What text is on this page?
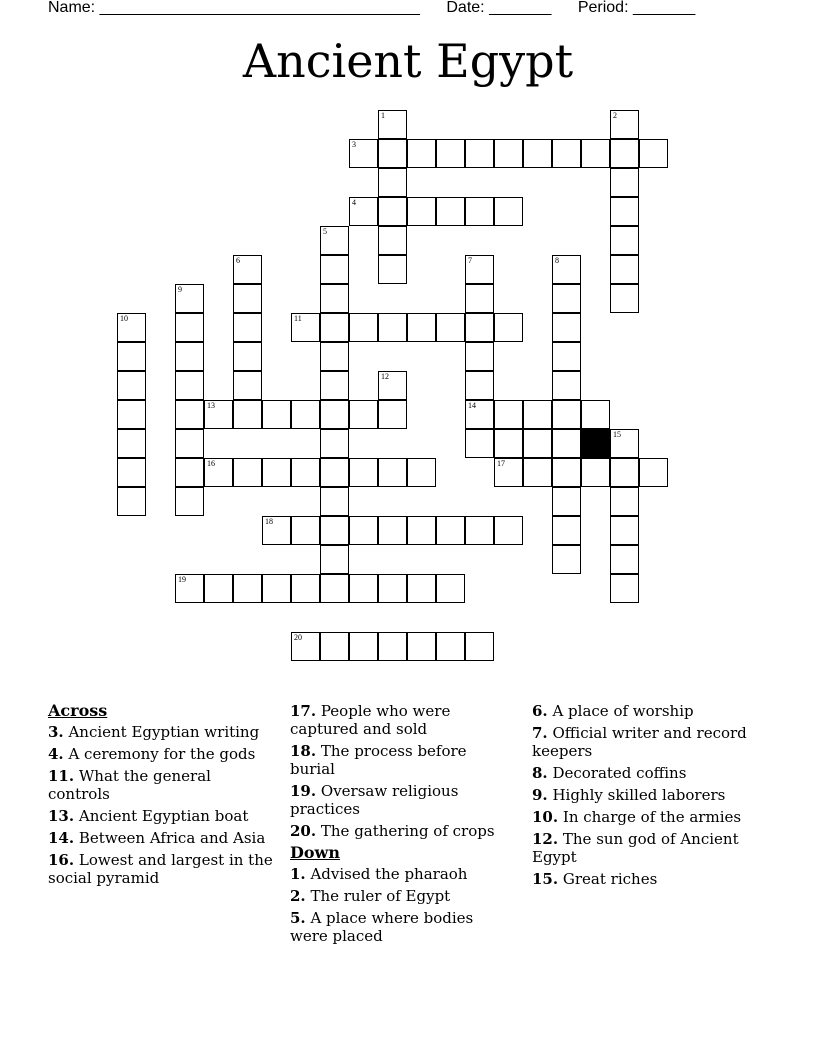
Name: ____________________________________ Date: _______ Period: _______
Ancient Egypt
1	2
3
4
5
6	7
14
8
9
10	11
12
13
15
16	17
18
19
20
Across
3. Ancient Egyptian writing
4. A ceremony for the gods
11. What the general controls
13. Ancient Egyptian boat
14. Between Africa and Asia
16. Lowest and largest in the social pyramid
17. People who were captured and sold
18. The process before burial
19. Oversaw religious practices
20. The gathering of crops
Down
1. Advised the pharaoh
2. The ruler of Egypt
5. A place where bodies were placed
6. A place of worship
7. Official writer and record keepers
8. Decorated coffins
9. Highly skilled laborers
10. In charge of the armies
12. The sun god of Ancient Egypt
15. Great riches
